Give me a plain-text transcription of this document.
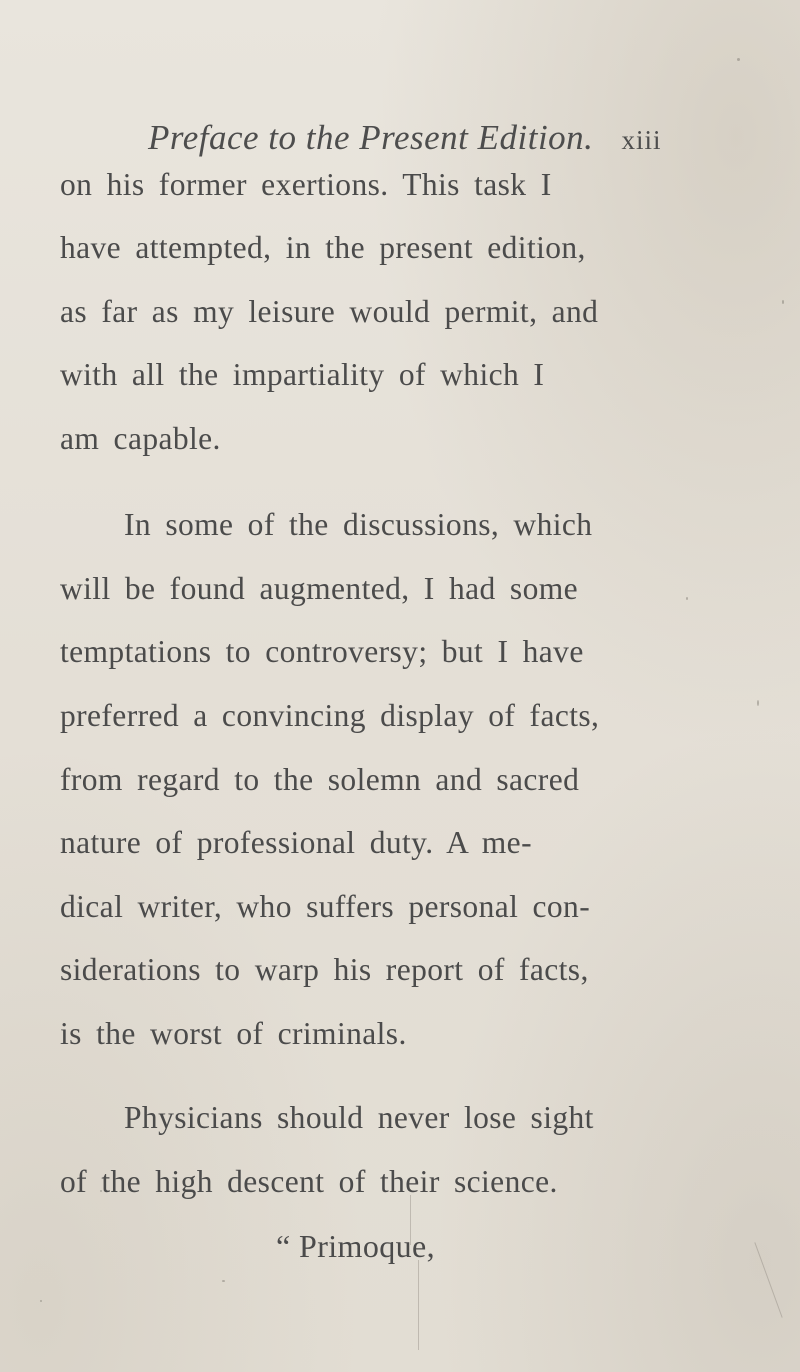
Preface to the Present Edition. xiii
on his former exertions. This task I
have attempted, in the present edition,
as far as my leisure would permit, and
with all the impartiality of which I
am capable.
In some of the discussions, which
will be found augmented, I had some
temptations to controversy; but I have
preferred a convincing display of facts,
from regard to the solemn and sacred
nature of professional duty. A me-
dical writer, who suffers personal con-
siderations to warp his report of facts,
is the worst of criminals.
Physicians should never lose sight
of the high descent of their science.
“ Primoque,
